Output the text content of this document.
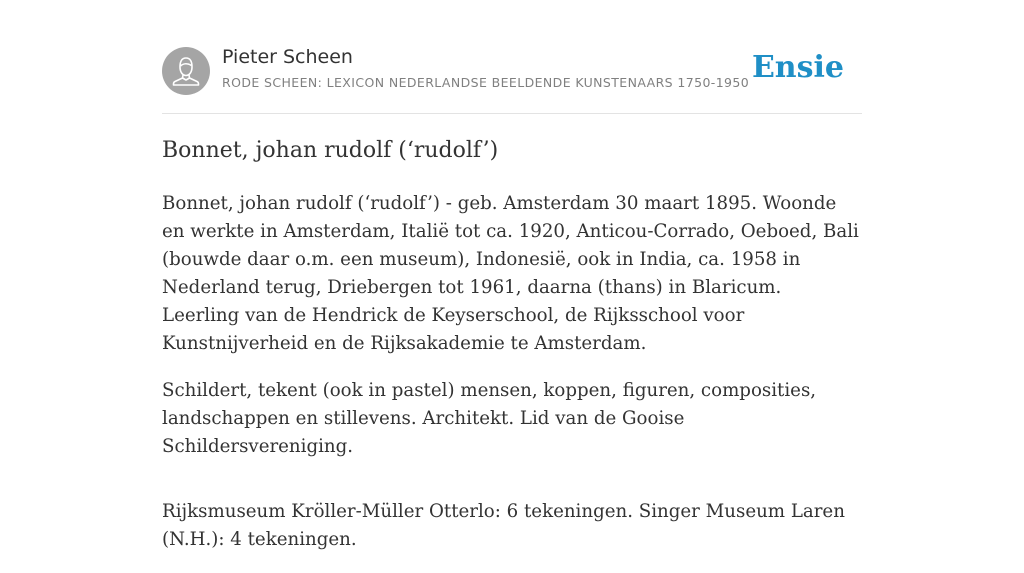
Pieter Scheen
RODE SCHEEN: LEXICON NEDERLANDSE BEELDENDE KUNSTENAARS 1750-1950 Ensie
Bonnet, johan rudolf (‘rudolf’)

Bonnet, johan rudolf (‘rudolf’) - geb. Amsterdam 30 maart 1895. Woonde en werkte in Amsterdam, Italië tot ca. 1920, Anticou-Corrado, Oeboed, Bali (bouwde daar o.m. een museum), Indonesië, ook in India, ca. 1958 in Nederland terug, Driebergen tot 1961, daarna (thans) in Blaricum. Leerling van de Hendrick de Keyserschool, de Rijksschool voor Kunstnijverheid en de Rijksakademie te Amsterdam.

Schildert, tekent (ook in pastel) mensen, koppen, figuren, composities, landschappen en stillevens. Architekt. Lid van de Gooise Schildersvereniging.

Rijksmuseum Kröller-Müller Otterlo: 6 tekeningen. Singer Museum Laren (N.H.): 4 tekeningen.
